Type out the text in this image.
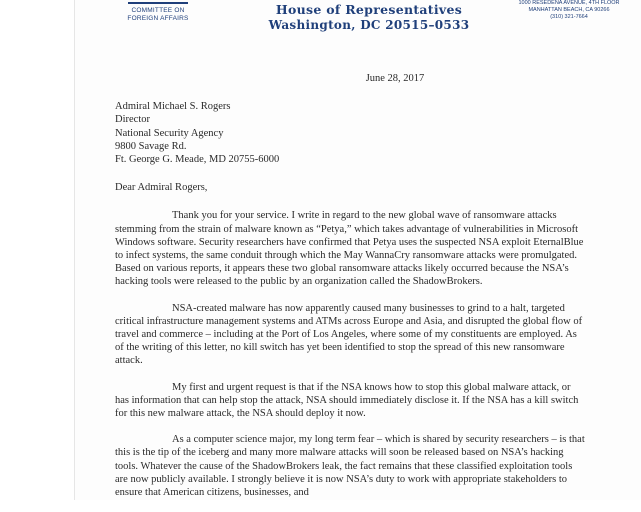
COMMITTEE ON
FOREIGN AFFAIRS
House of Representatives
Washington, DC 20515–0533
1000 RESEDENA AVENUE, 4TH FLOOR
MANHATTAN BEACH, CA 90266
(310) 321-7664
June 28, 2017
Admiral Michael S. Rogers
Director
National Security Agency
9800 Savage Rd.
Ft. George G. Meade, MD 20755-6000
Dear Admiral Rogers,

Thank you for your service. I write in regard to the new global wave of ransomware attacks stemming from the strain of malware known as “Petya,” which takes advantage of vulnerabilities in Microsoft Windows software. Security researchers have confirmed that Petya uses the suspected NSA exploit EternalBlue to infect systems, the same conduit through which the May WannaCry ransomware attacks were promulgated. Based on various reports, it appears these two global ransomware attacks likely occurred because the NSA’s hacking tools were released to the public by an organization called the ShadowBrokers.

NSA-created malware has now apparently caused many businesses to grind to a halt, targeted critical infrastructure management systems and ATMs across Europe and Asia, and disrupted the global flow of travel and commerce – including at the Port of Los Angeles, where some of my constituents are employed. As of the writing of this letter, no kill switch has yet been identified to stop the spread of this new ransomware attack.

My first and urgent request is that if the NSA knows how to stop this global malware attack, or has information that can help stop the attack, NSA should immediately disclose it. If the NSA has a kill switch for this new malware attack, the NSA should deploy it now.

As a computer science major, my long term fear – which is shared by security researchers – is that this is the tip of the iceberg and many more malware attacks will soon be released based on NSA’s hacking tools. Whatever the cause of the ShadowBrokers leak, the fact remains that these classified exploitation tools are now publicly available. I strongly believe it is now NSA’s duty to work with appropriate stakeholders to ensure that American citizens, businesses, and
